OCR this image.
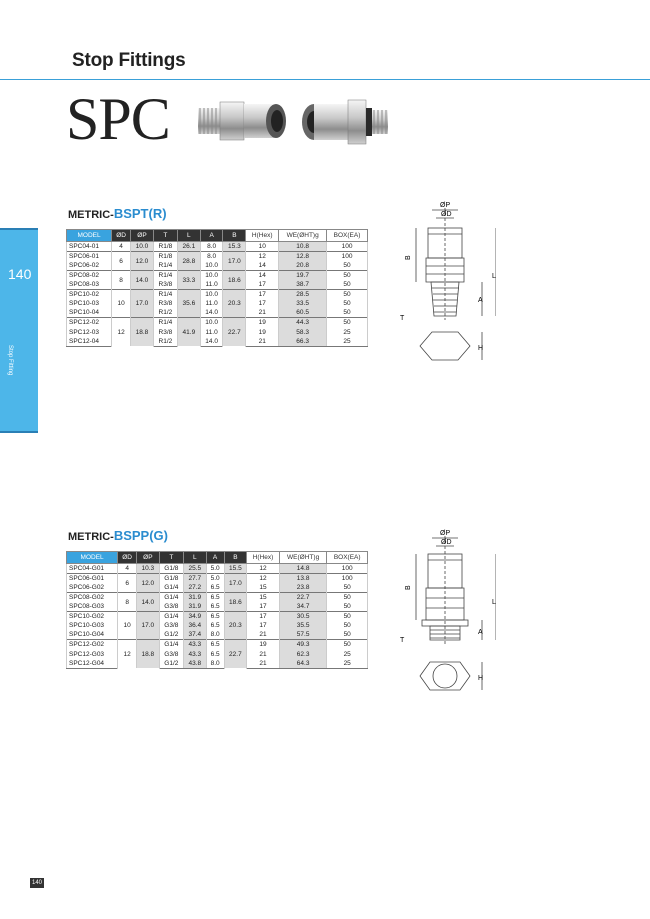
Stop Fittings
SPC
140
Stop Fitting
METRIC-BSPT(R)
MODEL	ØD	ØP	T	L	A	B	H(Hex)	WE(ØHT)g	BOX(EA)
SPC04-01	4	10.0	R1/8	26.1	8.0	15.3	10	10.8	100
SPC06-01	6	12.0	R1/8	28.8	8.0	17.0	12	12.8	100
SPC06-02			R1/4		10.0		14	20.8	50
SPC08-02	8	14.0	R1/4	33.3	10.0	18.6	14	19.7	50
SPC08-03			R3/8		11.0		17	38.7	50
SPC10-02	10	17.0	R1/4	35.6	10.0	20.3	17	28.5	50
SPC10-03			R3/8		11.0		17	33.5	50
SPC10-04			R1/2		14.0		21	60.5	50
SPC12-02	12	18.8	R1/4	41.9	10.0	22.7	19	44.3	50
SPC12-03			R3/8		11.0		19	58.3	25
SPC12-04			R1/2		14.0		21	66.3	25
ØP
ØD
B
L
A
T
H
METRIC-BSPP(G)
MODEL	ØD	ØP	T	L	A	B	H(Hex)	WE(ØHT)g	BOX(EA)
SPC04-G01	4	10.3	G1/8	25.5	5.0	15.5	12	14.8	100
SPC06-G01	6	12.0	G1/8	27.7	5.0	17.0	12	13.8	100
SPC06-G02			G1/4	27.2	6.5		15	23.8	50
SPC08-G02	8	14.0	G1/4	31.9	6.5	18.6	15	22.7	50
SPC08-G03			G3/8	31.9	6.5		17	34.7	50
SPC10-G02	10	17.0	G1/4	34.9	6.5	20.3	17	30.5	50
SPC10-G03			G3/8	36.4	6.5		17	35.5	50
SPC10-G04			G1/2	37.4	8.0		21	57.5	50
SPC12-G02	12	18.8	G1/4	43.3	6.5	22.7	19	49.3	50
SPC12-G03			G3/8	43.3	6.5		21	62.3	25
SPC12-G04			G1/2	43.8	8.0		21	64.3	25
ØP
ØD
B
L
A
T
H
140
